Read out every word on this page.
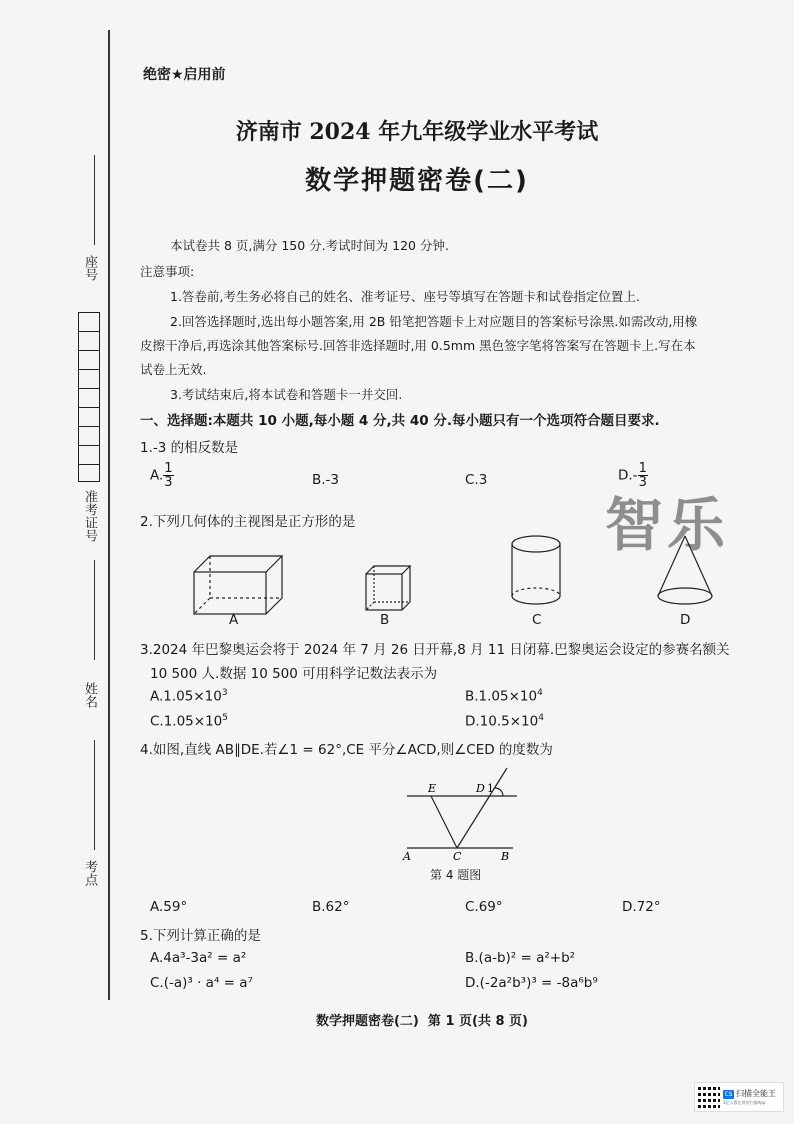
座号
准考证号
姓名
考点
绝密★启用前
济南市 2024 年九年级学业水平考试
数学押题密卷(二)
本试卷共 8 页,满分 150 分.考试时间为 120 分钟.
注意事项:
1.答卷前,考生务必将自己的姓名、准考证号、座号等填写在答题卡和试卷指定位置上.
2.回答选择题时,选出每小题答案,用 2B 铅笔把答题卡上对应题目的答案标号涂黑.如需改动,用橡
皮擦干净后,再选涂其他答案标号.回答非选择题时,用 0.5mm 黑色签字笔将答案写在答题卡上.写在本
试卷上无效.
3.考试结束后,将本试卷和答题卡一并交回.
一、选择题:本题共 10 小题,每小题 4 分,共 40 分.每小题只有一个选项符合题目要求.
1.-3 的相反数是
A. $\frac{1}{3}$	B.-3	C.3	$D.- \frac{1}{3}$
智乐
2.下列几何体的主视图是正方形的是
A	B	C	D
3.2024 年巴黎奥运会将于 2024 年 7 月 26 日开幕,8 月 11 日闭幕.巴黎奥运会设定的参赛名额关
10 500 人.数据 10 500 可用科学记数法表示为
$A.1.05\times 10^3$	$B.1.05\times 10^4$
$C.1.05\times 10^5$	$D.10.5\times 10^4$
4.如图,直线 AB∥DE.若∠1 = 62°,CE 平分∠ACD,则∠CED 的度数为
E	D 1
A	C	B
第 4 题图
A.59°	B.62°	C.69°	D.72°
5.下列计算正确的是
A.4a³-3a² = a²	B.(a-b)² = a²+b²
C.(-a)³ · a⁴ = a⁷	D.(-2a²b³)³ = -8a⁶b⁹
数学押题密卷(二)  第 1 页(共 8 页)
CS 扫描全能王
3亿人都在用的扫描App
